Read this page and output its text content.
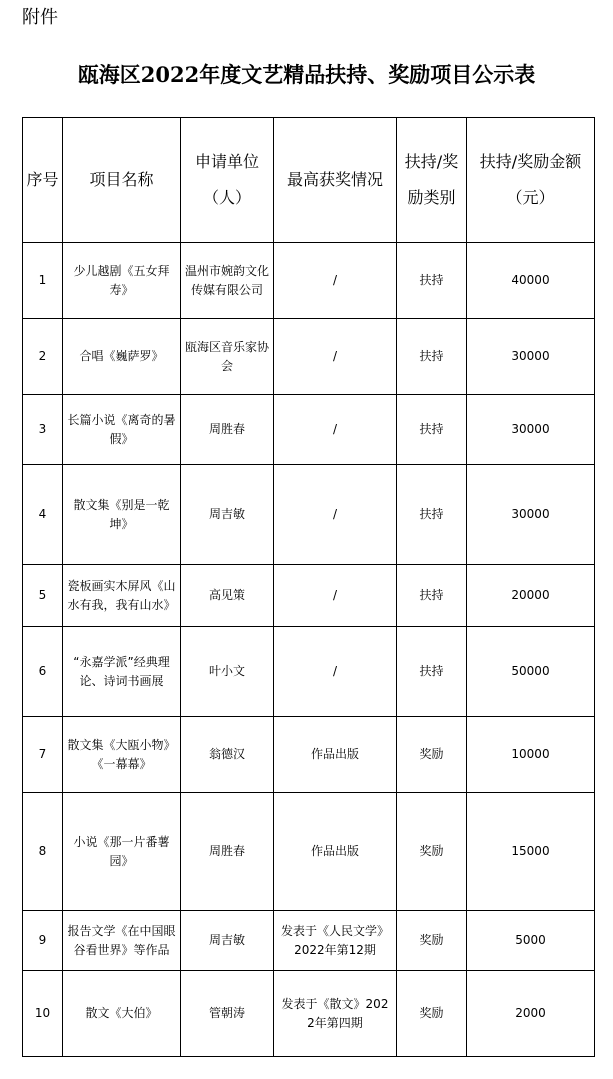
附件
瓯海区2022年度文艺精品扶持、奖励项目公示表
序号	项目名称	申请单位（人）	最高获奖情况	扶持/奖励类别	扶持/奖励金额（元）
1	少儿越剧《五女拜寿》	温州市婉韵文化传媒有限公司	/	扶持	40000
2	合唱《巍萨罗》	瓯海区音乐家协会	/	扶持	30000
3	长篇小说《离奇的暑假》	周胜春	/	扶持	30000
4	散文集《别是一乾坤》	周吉敏	/	扶持	30000
5	瓷板画实木屏风《山水有我，我有山水》	高见策	/	扶持	20000
6	“永嘉学派”经典理论、诗词书画展	叶小文	/	扶持	50000
7	散文集《大瓯小物》《一幕幕》	翁德汉	作品出版	奖励	10000
8	小说《那一片番薯园》	周胜春	作品出版	奖励	15000
9	报告文学《在中国眼谷看世界》等作品	周吉敏	发表于《人民文学》2022年第12期	奖励	5000
10	散文《大伯》	管朝涛	发表于《散文》2022年第四期	奖励	2000
